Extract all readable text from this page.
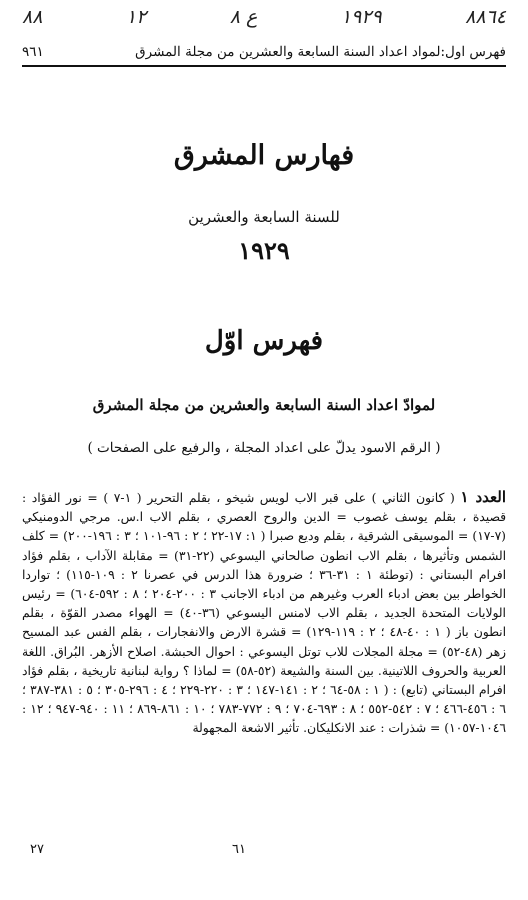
٨٨	١٢	ع ٨	١٩٢٩	٨٨٦٤
فهرس اول:لمواد اعداد السنة السابعة والعشرين من مجلة المشرق
٩٦١
فهارس المشرق
للسنة السابعة والعشرين
١٩٢٩
فهرس اوّل
لموادّ اعداد السنة السابعة والعشرين من مجلة المشرق
( الرقم الاسود يدلّ على اعداد المجلة ، والرفيع على الصفحات )
العدد ١ ( كانون الثاني ) على قبر الاب لويس شيخو ، بقلم التحرير ( ١-٧ ) = نور الفؤاد : قصيدة ، بقلم يوسف غصوب = الدين والروح العصري ، بقلم الاب ا.س. مرجي الدومنيكي (٧-١٧) = الموسيقى الشرقية ، بقلم وديع صبرا ( ١: ١٧-٢٢ ؛ ٢ : ٩٦-١٠١ ؛ ٣ : ١٩٦-٢٠٠) = كلف الشمس وتأثيرها ، بقلم الاب انطون صالحاني اليسوعي (٢٢-٣١) = مقابلة الآداب ، بقلم فؤاد افرام البستاني : (توطئة ١ : ٣١-٣٦ ؛ ضرورة هذا الدرس في عصرنا ٢ : ١٠٩-١١٥) ؛ تواردا الخواطر بين بعض ادباء العرب وغيرهم من ادباء الاجانب ٣ : ٢٠٠-٢٠٤ ؛ ٨ : ٥٩٢-٦٠٤) = رئيس الولايات المتحدة الجديد ، بقلم الاب لامنس اليسوعي (٣٦-٤٠) = الهواء مصدر القوّة ، بقلم انطون باز ( ١ : ٤٠-٤٨ ؛ ٢ : ١١٩-١٢٩) = قشرة الارض والانفجارات ، بقلم الفس عبد المسيح زهر (٤٨-٥٢) = مجلة المجلات للاب توتل اليسوعي : احوال الحبشة. اصلاح الأزهر. البُراق. اللغة العربية والحروف اللاتينية. بين السنة والشيعة (٥٢-٥٨) = لماذا ؟ رواية لبنانية تاريخية ، بقلم فؤاد افرام البستاني (تابع) : ( ١ : ٥٨-٦٤ ؛ ٢ : ١٤١-١٤٧ ؛ ٣ : ٢٢٠-٢٢٩ ؛ ٤ : ٢٩٦-٣٠٥ ؛ ٥ : ٣٨١-٣٨٧ ؛ ٦ : ٤٥٦-٤٦٦ ؛ ٧ : ٥٤٢-٥٥٢ ؛ ٨ : ٦٩٣-٧٠٤ ؛ ٩ : ٧٧٢-٧٨٣ ؛ ١٠ : ٨٦١-٨٦٩ ؛ ١١ : ٩٤٠-٩٤٧ ؛ ١٢ : ١٠٤٦-١٠٥٧) = شذرات : عند الانكليكان. تأثير الاشعة المجهولة
٦١
٢٧
